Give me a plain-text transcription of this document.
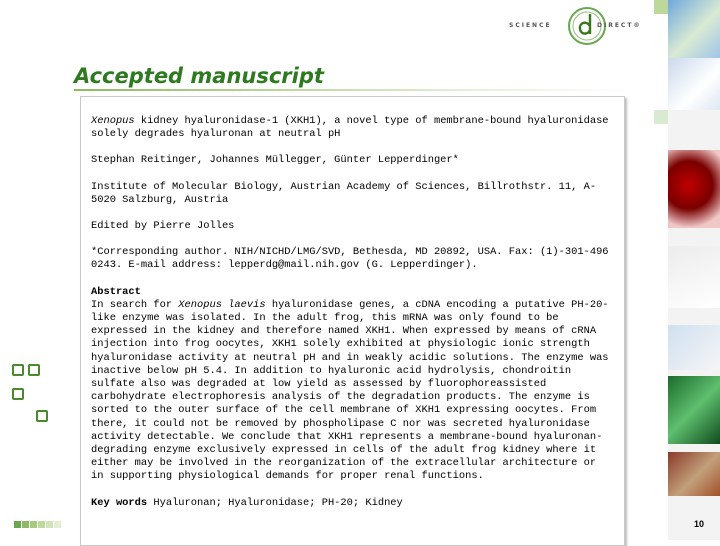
SCIENCE	DIRECT®
Accepted manuscript

Xenopus kidney hyaluronidase-1 (XKH1), a novel type of membrane-bound hyaluronidase solely degrades hyaluronan at neutral pH

Stephan Reitinger, Johannes Müllegger, Günter Lepperdinger*

Institute of Molecular Biology, Austrian Academy of Sciences, Billrothstr. 11, A-5020 Salzburg, Austria

Edited by Pierre Jolles

*Corresponding author. NIH/NICHD/LMG/SVD, Bethesda, MD 20892, USA. Fax: (1)-301-496 0243. E-mail address: lepperdg@mail.nih.gov (G. Lepperdinger).

Abstract

In search for Xenopus laevis hyaluronidase genes, a cDNA encoding a putative PH-20-like enzyme was isolated. In the adult frog, this mRNA was only found to be expressed in the kidney and therefore named XKH1. When expressed by means of cRNA injection into frog oocytes, XKH1 solely exhibited at physiologic ionic strength hyaluronidase activity at neutral pH and in weakly acidic solutions. The enzyme was inactive below pH 5.4. In addition to hyaluronic acid hydrolysis, chondroitin sulfate also was degraded at low yield as assessed by fluorophoreassisted carbohydrate electrophoresis analysis of the degradation products. The enzyme is sorted to the outer surface of the cell membrane of XKH1 expressing oocytes. From there, it could not be removed by phospholipase C nor was secreted hyaluronidase activity detectable. We conclude that XKH1 represents a membrane-bound hyaluronan-degrading enzyme exclusively expressed in cells of the adult frog kidney where it either may be involved in the reorganization of the extracellular architecture or in supporting physiological demands for proper renal functions.

Key words Hyaluronan; Hyaluronidase; PH-20; Kidney

10
